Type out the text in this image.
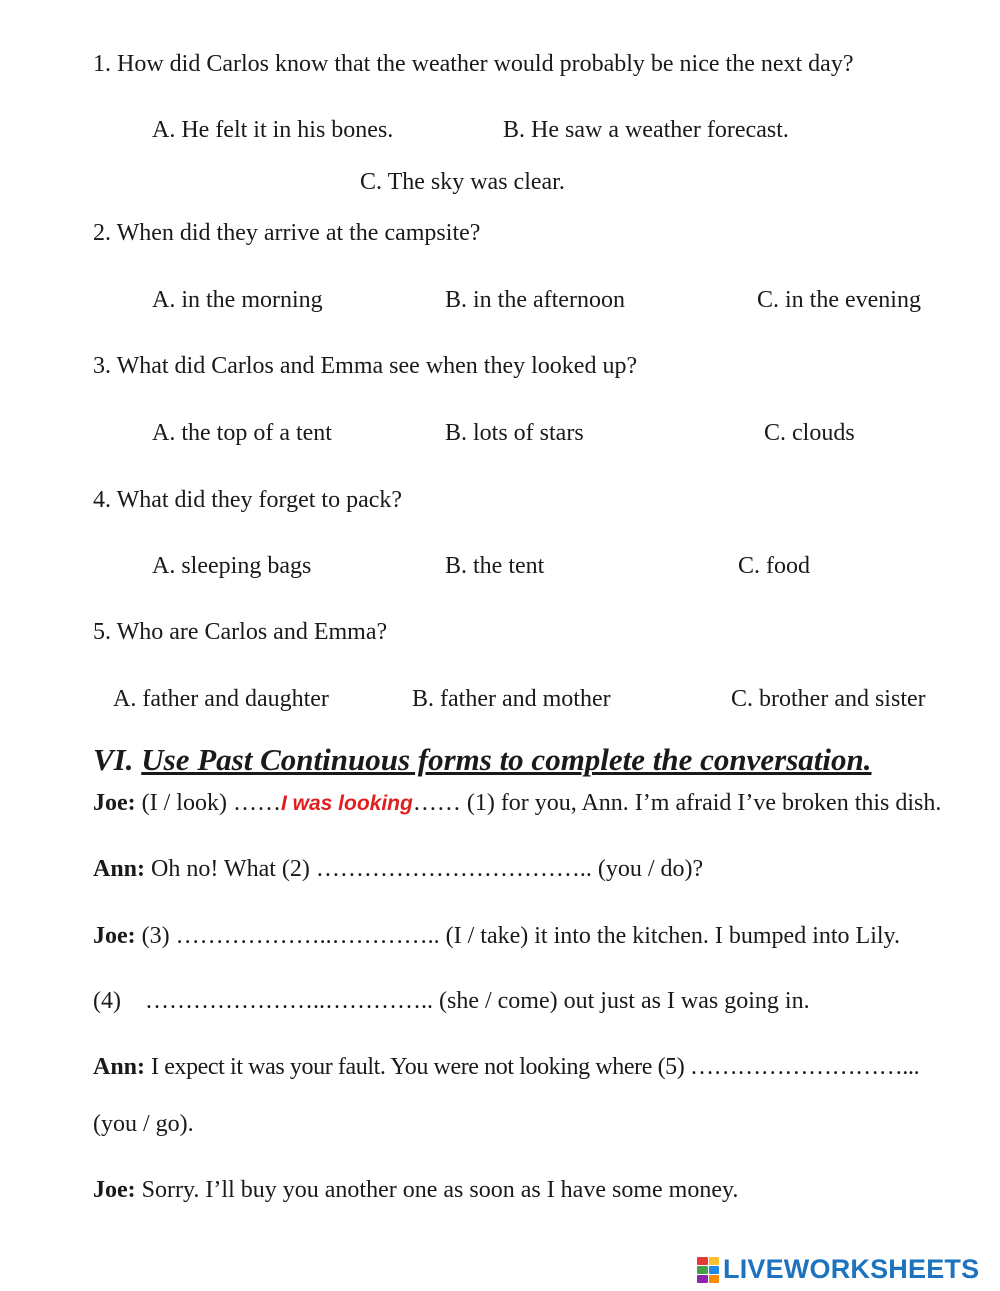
1. How did Carlos know that the weather would probably be nice the next day?
A. He felt it in his bones.	B. He saw a weather forecast.
C. The sky was clear.
2. When did they arrive at the campsite?
A. in the morning	B. in the afternoon	C. in the evening
3. What did Carlos and Emma see when they looked up?
A. the top of a tent	B. lots of stars	C. clouds
4. What did they forget to pack?
A. sleeping bags	B. the tent	C. food
5. Who are Carlos and Emma?
A. father and daughter	B. father and mother	C. brother and sister
VI. Use Past Continuous forms to complete the conversation.
Joe: (I / look) ……I was looking…… (1) for you, Ann. I’m afraid I’ve broken this dish.
Ann: Oh no! What (2) …………………………….. (you / do)?
Joe: (3) ………………..………….. (I / take) it into the kitchen. I bumped into Lily.
(4)    …………………..………….. (she / come) out just as I was going in.
Ann: I expect it was your fault. You were not looking where (5) ………………………...
(you / go).
Joe: Sorry. I’ll buy you another one as soon as I have some money.
LIVEWORKSHEETS
